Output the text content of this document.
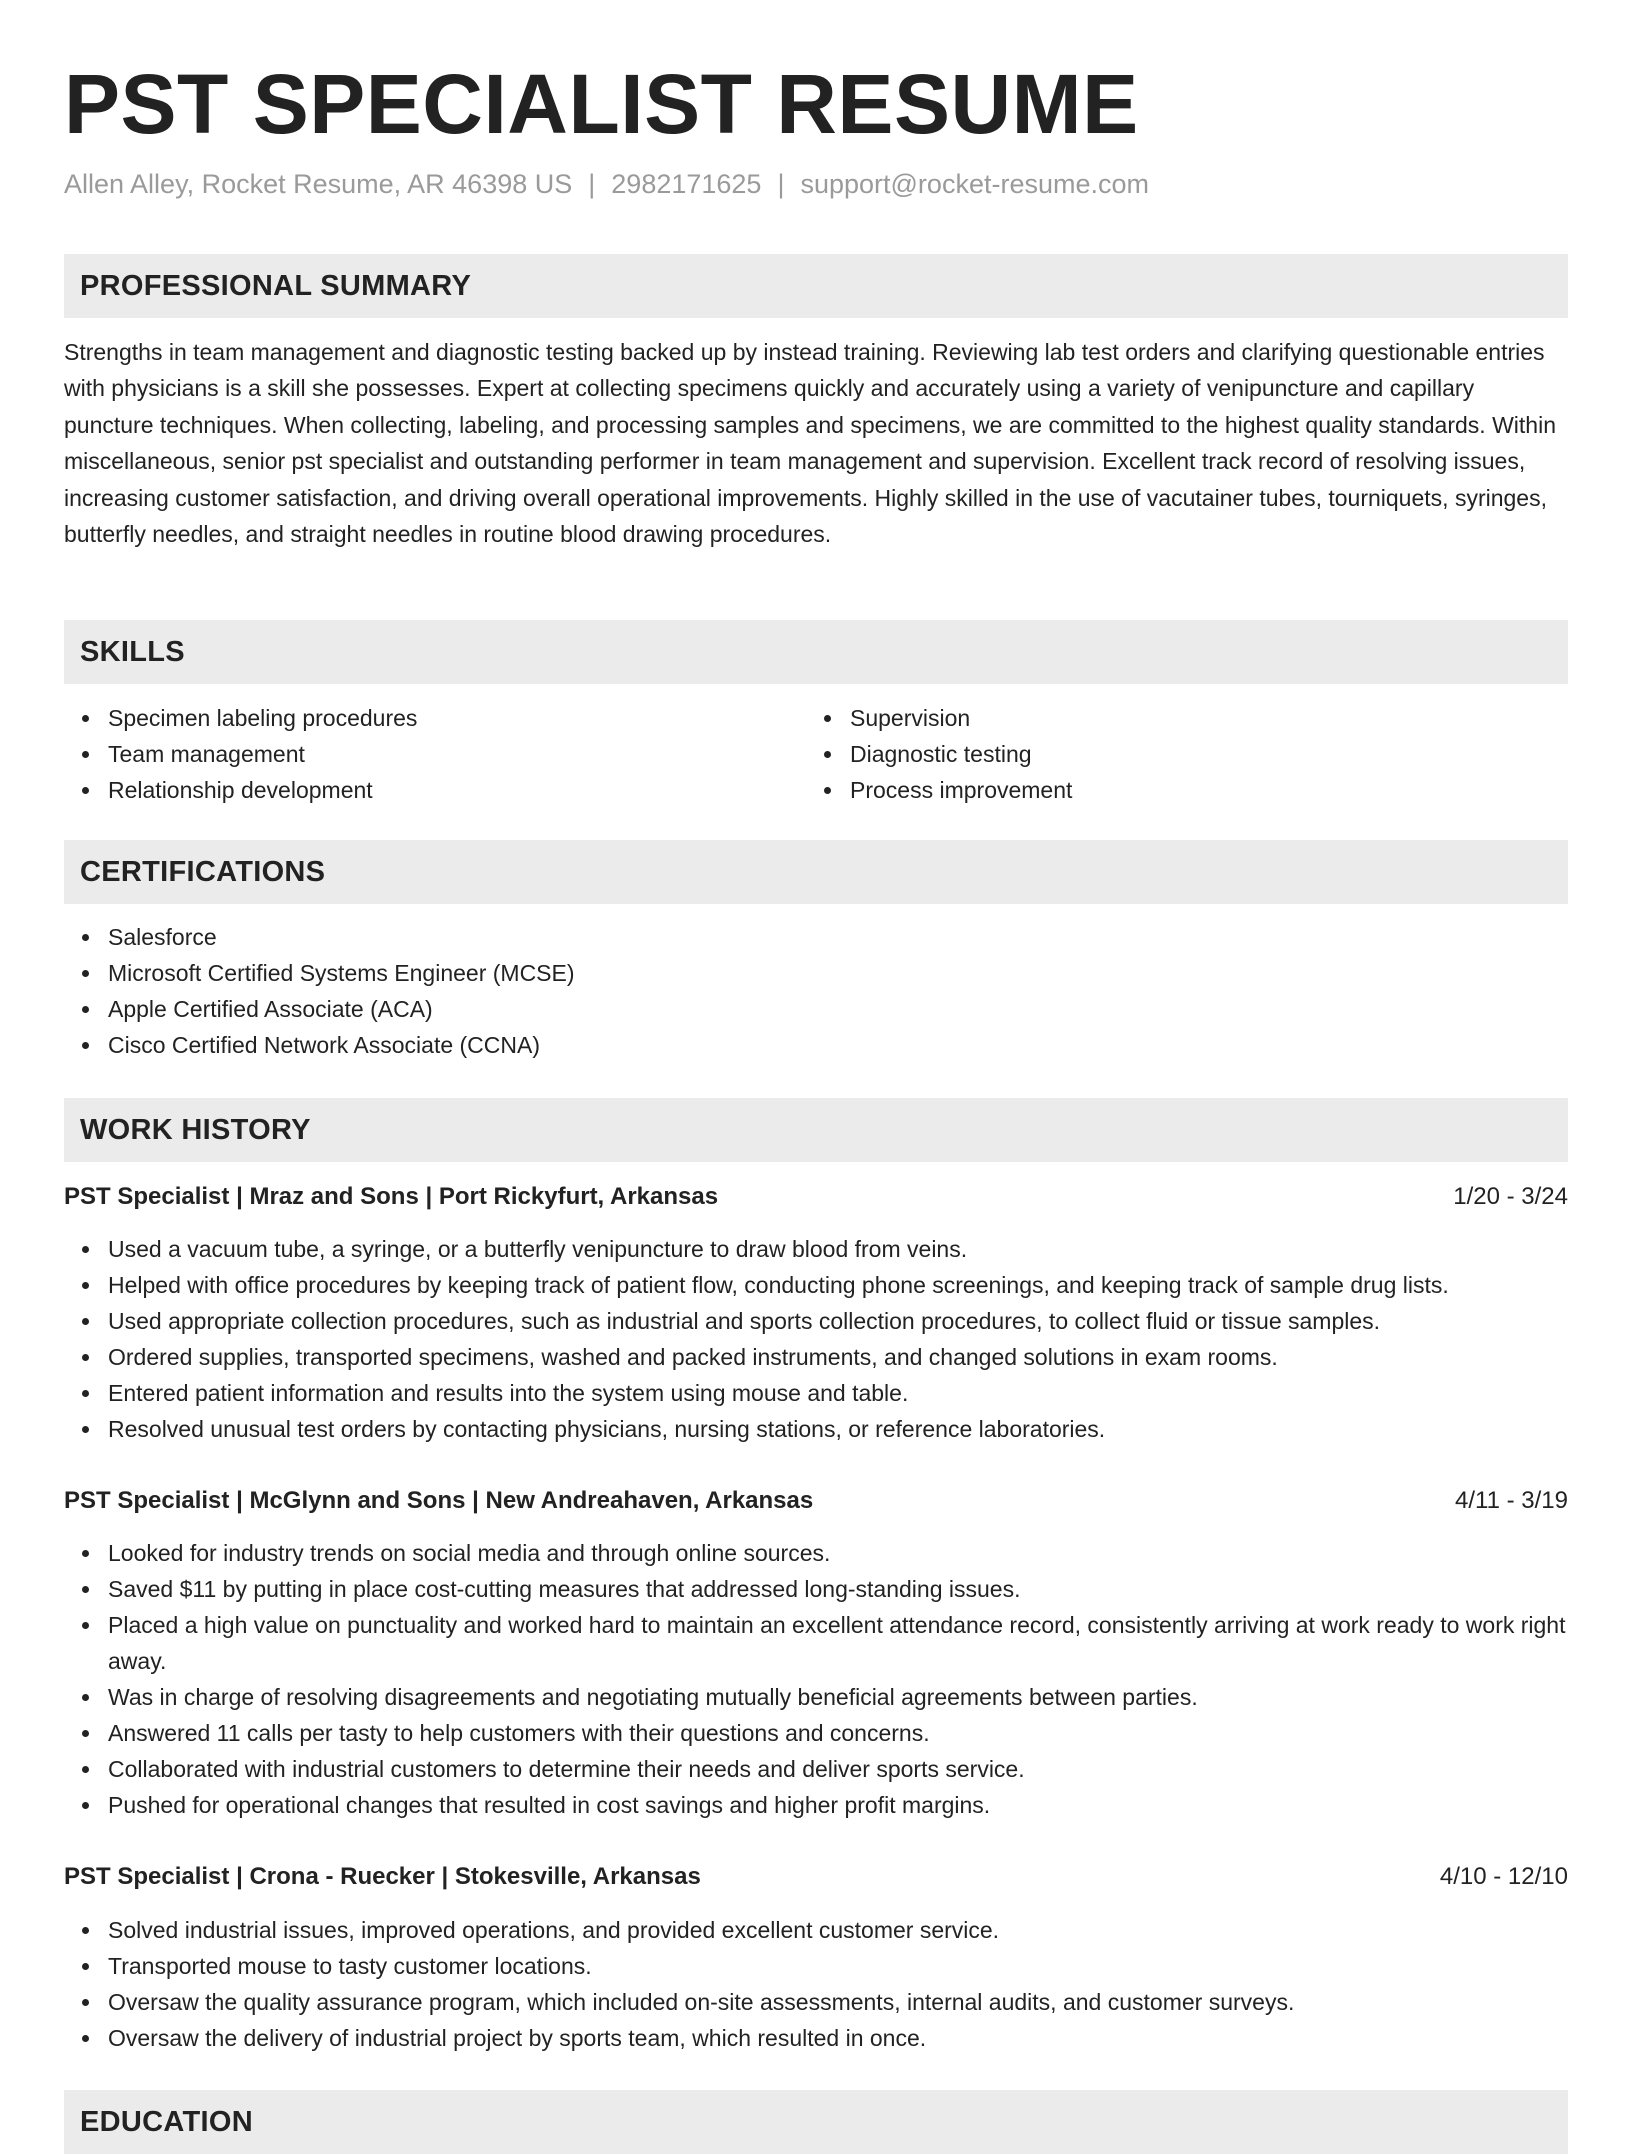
PST SPECIALIST RESUME
Allen Alley, Rocket Resume, AR 46398 US | 2982171625 | support@rocket-resume.com
PROFESSIONAL SUMMARY

Strengths in team management and diagnostic testing backed up by instead training. Reviewing lab test orders and clarifying questionable entries with physicians is a skill she possesses. Expert at collecting specimens quickly and accurately using a variety of venipuncture and capillary puncture techniques. When collecting, labeling, and processing samples and specimens, we are committed to the highest quality standards. Within miscellaneous, senior pst specialist and outstanding performer in team management and supervision. Excellent track record of resolving issues, increasing customer satisfaction, and driving overall operational improvements. Highly skilled in the use of vacutainer tubes, tourniquets, syringes, butterfly needles, and straight needles in routine blood drawing procedures.

SKILLS
Specimen labeling procedures
Team management
Relationship development
Supervision
Diagnostic testing
Process improvement
CERTIFICATIONS
Salesforce
Microsoft Certified Systems Engineer (MCSE)
Apple Certified Associate (ACA)
Cisco Certified Network Associate (CCNA)
WORK HISTORY
PST Specialist | Mraz and Sons | Port Rickyfurt, Arkansas	1/20 - 3/24
Used a vacuum tube, a syringe, or a butterfly venipuncture to draw blood from veins.
Helped with office procedures by keeping track of patient flow, conducting phone screenings, and keeping track of sample drug lists.
Used appropriate collection procedures, such as industrial and sports collection procedures, to collect fluid or tissue samples.
Ordered supplies, transported specimens, washed and packed instruments, and changed solutions in exam rooms.
Entered patient information and results into the system using mouse and table.
Resolved unusual test orders by contacting physicians, nursing stations, or reference laboratories.
PST Specialist | McGlynn and Sons | New Andreahaven, Arkansas	4/11 - 3/19
Looked for industry trends on social media and through online sources.
Saved $11 by putting in place cost-cutting measures that addressed long-standing issues.
Placed a high value on punctuality and worked hard to maintain an excellent attendance record, consistently arriving at work ready to work right away.
Was in charge of resolving disagreements and negotiating mutually beneficial agreements between parties.
Answered 11 calls per tasty to help customers with their questions and concerns.
Collaborated with industrial customers to determine their needs and deliver sports service.
Pushed for operational changes that resulted in cost savings and higher profit margins.
PST Specialist | Crona - Ruecker | Stokesville, Arkansas	4/10 - 12/10
Solved industrial issues, improved operations, and provided excellent customer service.
Transported mouse to tasty customer locations.
Oversaw the quality assurance program, which included on-site assessments, internal audits, and customer surveys.
Oversaw the delivery of industrial project by sports team, which resulted in once.
EDUCATION
